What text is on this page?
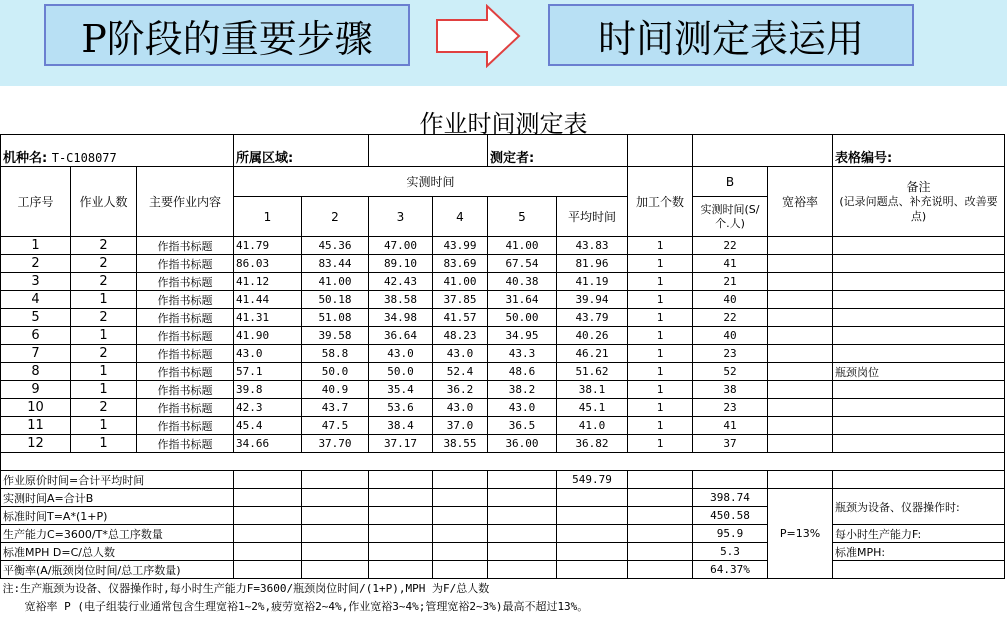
P阶段的重要步骤	时间测定表运用
作业时间测定表
机种名: T-C108077			所属区域:				测定者:					表格编号:
工序号	作业人数	主要作业内容	实测时间						加工个数	B	宽裕率	备注
(记录问题点、补充说明、改善要点)
			1	2	3	4	5	平均时间		实测时间(S/个.人)		
1	2	作指书标题	41.79	45.36	47.00	43.99	41.00	43.83	1	22		
2	2	作指书标题	86.03	83.44	89.10	83.69	67.54	81.96	1	41		
3	2	作指书标题	41.12	41.00	42.43	41.00	40.38	41.19	1	21		
4	1	作指书标题	41.44	50.18	38.58	37.85	31.64	39.94	1	40		
5	2	作指书标题	41.31	51.08	34.98	41.57	50.00	43.79	1	22		
6	1	作指书标题	41.90	39.58	36.64	48.23	34.95	40.26	1	40		
7	2	作指书标题	43.0	58.8	43.0	43.0	43.3	46.21	1	23		
8	1	作指书标题	57.1	50.0	50.0	52.4	48.6	51.62	1	52		瓶颈岗位
9	1	作指书标题	39.8	40.9	35.4	36.2	38.2	38.1	1	38		
10	2	作指书标题	42.3	43.7	53.6	43.0	43.0	45.1	1	23		
11	1	作指书标题	45.4	47.5	38.4	37.0	36.5	41.0	1	41		
12	1	作指书标题	34.66	37.70	37.17	38.55	36.00	36.82	1	37		

作业原价时间=合计平均时间								549.79				
实测时间A=合计B										398.74	P=13%	瓶颈为设备、仪器操作时:
标准时间T=A*(1+P)										450.58		
生产能力C=3600/T*总工序数量										95.9		每小时生产能力F:
标准MPH D=C/总人数										5.3		标准MPH:
平衡率(A/瓶颈岗位时间/总工序数量)										64.37%		
注:生产瓶颈为设备、仪器操作时,每小时生产能力F=3600/瓶颈岗位时间/(1+P),MPH 为F/总人数												
宽裕率 P (电子组装行业通常包含生理宽裕1~2%,疲劳宽裕2~4%,作业宽裕3~4%;管理宽裕2~3%)最高不超过13%。												
